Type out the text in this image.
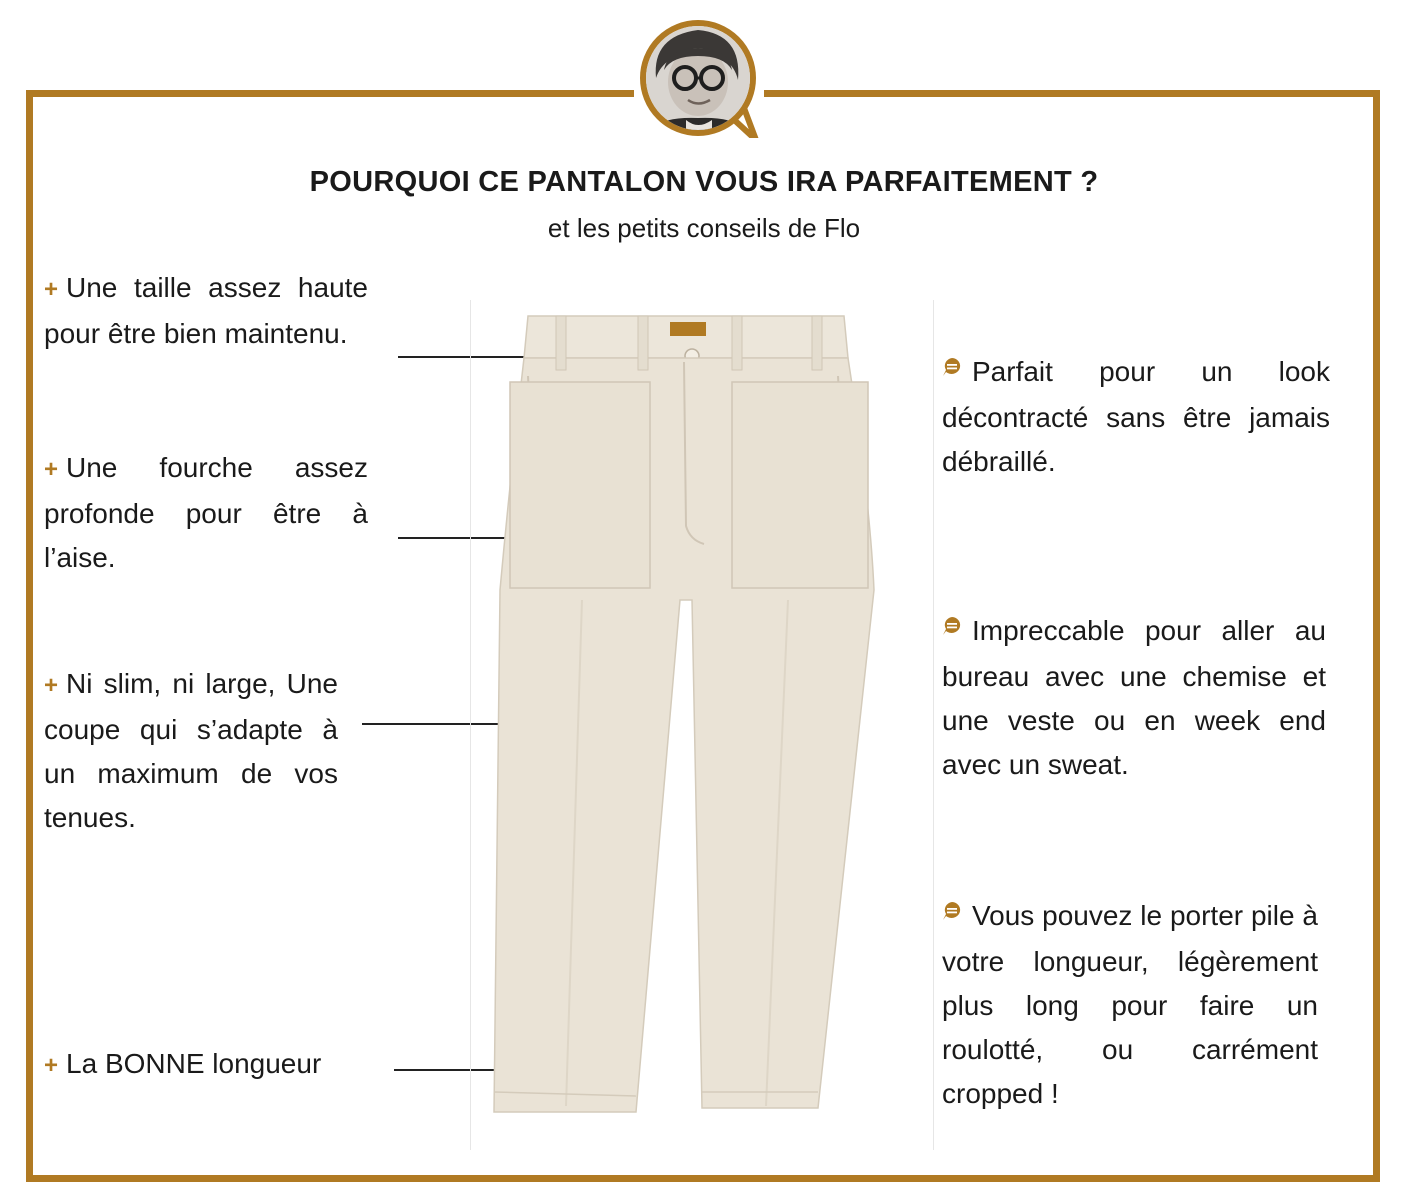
POURQUOI CE PANTALON VOUS IRA PARFAITEMENT ?

et les petits conseils de Flo

+ Une taille assez haute pour être bien maintenu.

+ Une fourche assez profonde pour être à l’aise.

+ Ni slim, ni large, Une coupe qui s’adapte à un maximum de vos tenues.

+ La BONNE longueur

Parfait pour un look décontracté sans être jamais débraillé.

Impreccable pour aller au bureau avec une chemise et une veste ou en week end avec un sweat.

Vous pouvez le porter pile à votre longueur, légèrement plus long pour faire un roulotté, ou carrément cropped !
